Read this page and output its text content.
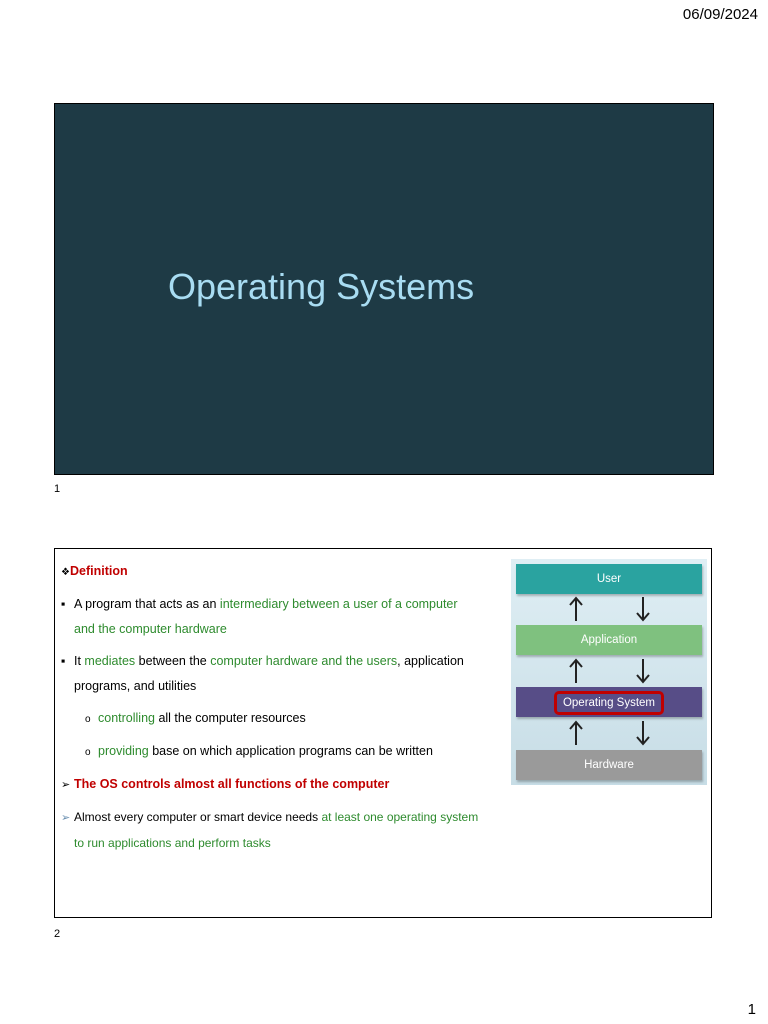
06/09/2024
Operating Systems
1
❖Definition
▪ A program that acts as an intermediary between a user of a computer
and the computer hardware
▪ It mediates between the computer hardware and the users, application
programs, and utilities
o controlling all the computer resources
o providing base on which application programs can be written
➢ The OS controls almost all functions of the computer
➢ Almost every computer or smart device needs at least one operating system
to run applications and perform tasks
User
Application
Operating System
Hardware
2
1
